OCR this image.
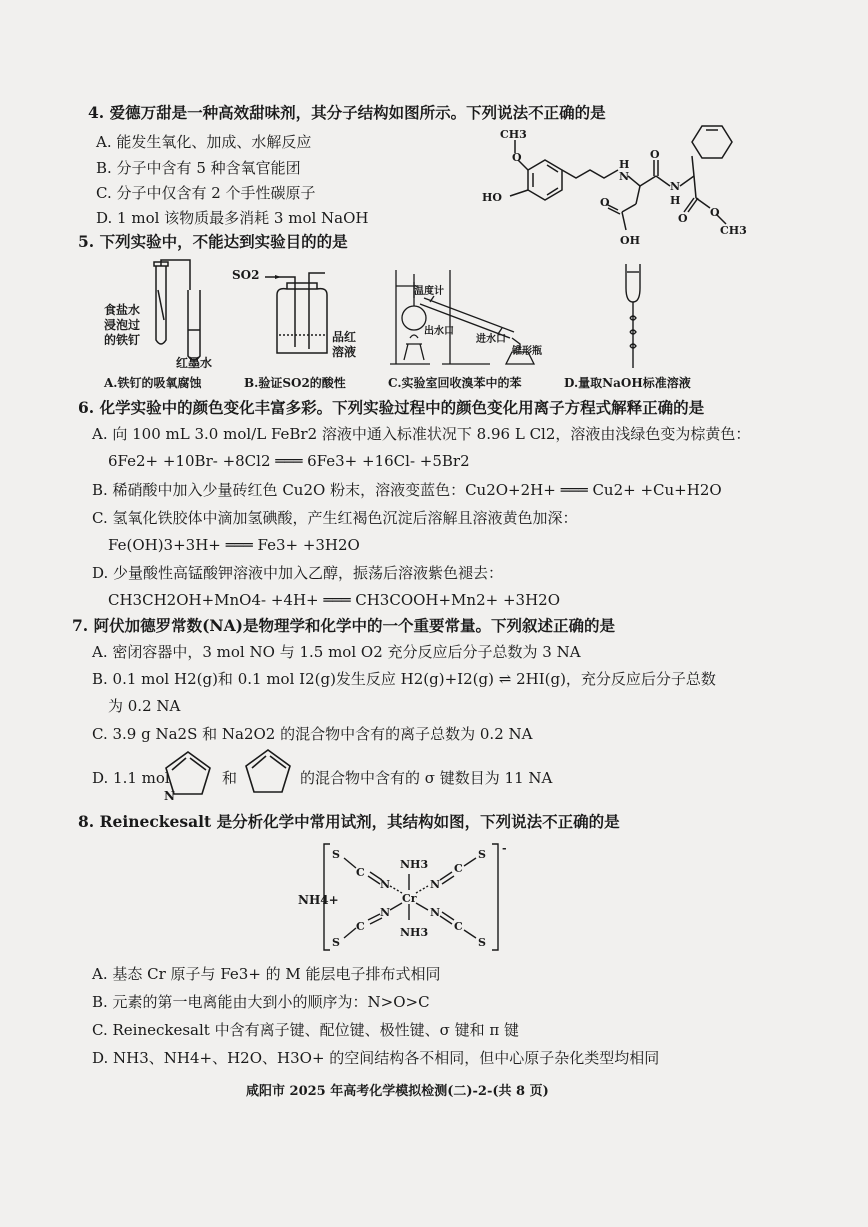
4. 爱德万甜是一种高效甜味剂，其分子结构如图所示。下列说法不正确的是
A. 能发生氧化、加成、水解反应
B. 分子中含有 5 种含氧官能团
C. 分子中仅含有 2 个手性碳原子
D. 1 mol 该物质最多消耗 3 mol NaOH
CH3
O
HO
N
H
N
H
O
O
OH
O O
CH3
5. 下列实验中，不能达到实验目的的是
食盐水
浸泡过
的铁钉
红墨水
SO2
品红
溶液
温度计
出水口
进水口
锥形瓶
A.铁钉的吸氧腐蚀	B.验证SO2的酸性	C.实验室回收溴苯中的苯	D.量取NaOH标准溶液
6. 化学实验中的颜色变化丰富多彩。下列实验过程中的颜色变化用离子方程式解释正确的是
A. 向 100 mL 3.0 mol/L FeBr2 溶液中通入标准状况下 8.96 L Cl2，溶液由浅绿色变为棕黄色：
6Fe2+ +10Br- +8Cl2 ═══ 6Fe3+ +16Cl- +5Br2
B. 稀硝酸中加入少量砖红色 Cu2O 粉末，溶液变蓝色：Cu2O+2H+ ═══ Cu2+ +Cu+H2O
C. 氢氧化铁胶体中滴加氢碘酸，产生红褐色沉淀后溶解且溶液黄色加深：
Fe(OH)3+3H+ ═══ Fe3+ +3H2O
D. 少量酸性高锰酸钾溶液中加入乙醇，振荡后溶液紫色褪去：
CH3CH2OH+MnO4- +4H+ ═══ CH3COOH+Mn2+ +3H2O
7. 阿伏加德罗常数(NA)是物理学和化学中的一个重要常量。下列叙述正确的是
A. 密闭容器中，3 mol NO 与 1.5 mol O2 充分反应后分子总数为 3 NA
B. 0.1 mol H2(g)和 0.1 mol I2(g)发生反应 H2(g)+I2(g) ⇌ 2HI(g)，充分反应后分子总数
为 0.2 NA
C. 3.9 g Na2S 和 Na2O2 的混合物中含有的离子总数为 0.2 NA
D. 1.1 mol
N
和	的混合物中含有的 σ 键数目为 11 NA
8. Reineckesalt 是分析化学中常用试剂，其结构如图，下列说法不正确的是
-
S
C
N
NH3
Cr
NH3
N
C
S
S
C
N	N
C
S
NH4+
A. 基态 Cr 原子与 Fe3+ 的 M 能层电子排布式相同
B. 元素的第一电离能由大到小的顺序为：N>O>C
C. Reineckesalt 中含有离子键、配位键、极性键、σ 键和 π 键
D. NH3、NH4+、H2O、H3O+ 的空间结构各不相同，但中心原子杂化类型均相同
咸阳市 2025 年高考化学模拟检测(二)-2-(共 8 页)
